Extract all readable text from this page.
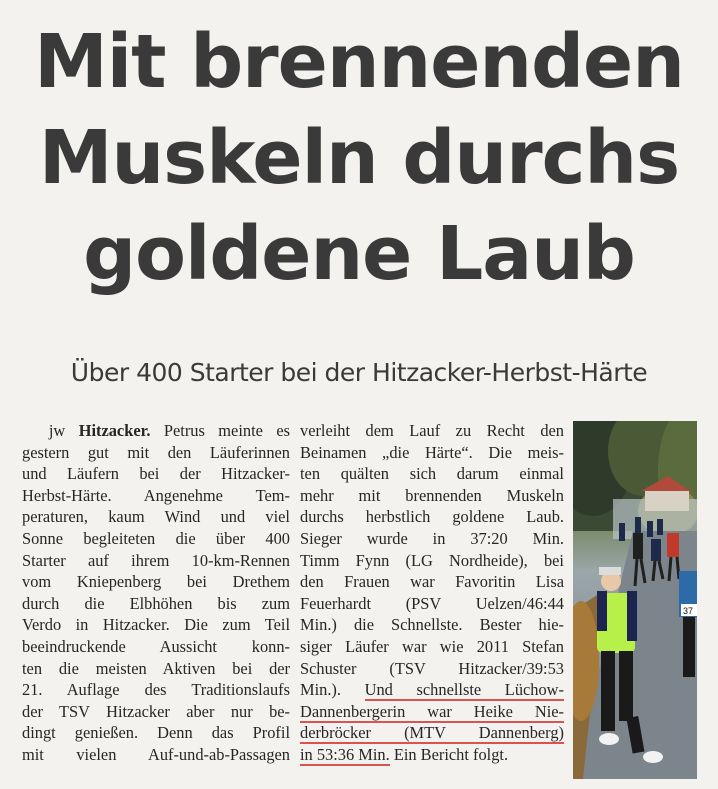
Mit brennenden
Muskeln durchs
goldene Laub
Über 400 Starter bei der Hitzacker-Herbst-Härte
jw Hitzacker. Petrus meinte es
gestern gut mit den Läuferinnen
und Läufern bei der Hitzacker-
Herbst-Härte. Angenehme Tem-
peraturen, kaum Wind und viel
Sonne begleiteten die über 400
Starter auf ihrem 10-km-Rennen
vom Kniepenberg bei Drethem
durch die Elbhöhen bis zum
Verdo in Hitzacker. Die zum Teil
beeindruckende Aussicht konn-
ten die meisten Aktiven bei der
21. Auflage des Traditionslaufs
der TSV Hitzacker aber nur be-
dingt genießen. Denn das Profil
mit vielen Auf-und-ab-Passagen
verleiht dem Lauf zu Recht den
Beinamen „die Härte“. Die meis-
ten quälten sich darum einmal
mehr mit brennenden Muskeln
durchs herbstlich goldene Laub.
Sieger wurde in 37:20 Min.
Timm Fynn (LG Nordheide), bei
den Frauen war Favoritin Lisa
Feuerhardt (PSV Uelzen/46:44
Min.) die Schnellste. Bester hie-
siger Läufer war wie 2011 Stefan
Schuster (TSV Hitzacker/39:53
Min.). Und schnellste Lüchow-
Dannenbergerin war Heike Nie-
derbröcker (MTV Dannenberg)
in 53:36 Min. Ein Bericht folgt.
37
